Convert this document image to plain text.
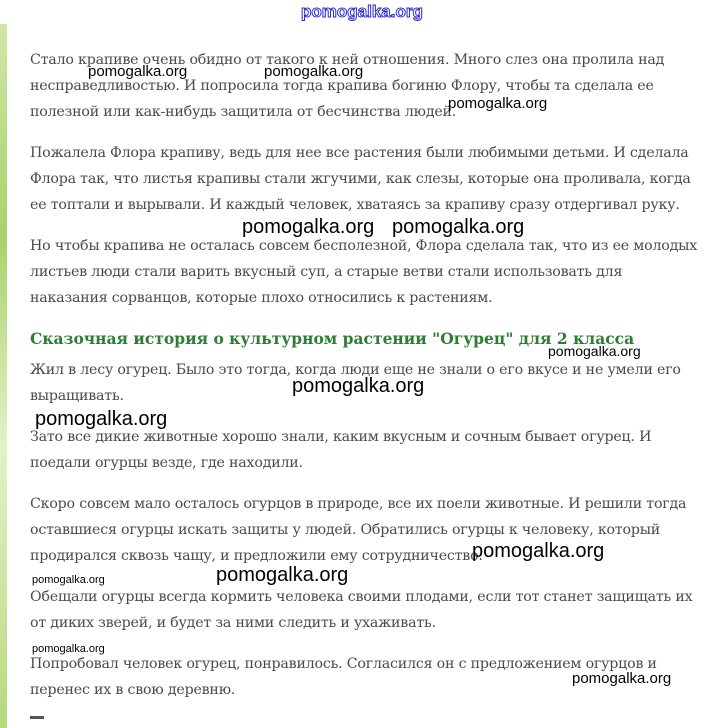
Стало крапиве очень обидно от такого к ней отношения. Много слез она пролила над
несправедливостью. И попросила тогда крапива богиню Флору, чтобы та сделала ее
полезной или как-нибудь защитила от бесчинства людей.
Пожалела Флора крапиву, ведь для нее все растения были любимыми детьми. И сделала
Флора так, что листья крапивы стали жгучими, как слезы, которые она проливала, когда
ее топтали и вырывали. И каждый человек, хватаясь за крапиву сразу отдергивал руку.
Но чтобы крапива не осталась совсем бесполезной, Флора сделала так, что из ее молодых
листьев люди стали варить вкусный суп, а старые ветви стали использовать для
наказания сорванцов, которые плохо относились к растениям.
Сказочная история о культурном растении "Огурец" для 2 класса
Жил в лесу огурец. Было это тогда, когда люди еще не знали о его вкусе и не умели его
выращивать.
Зато все дикие животные хорошо знали, каким вкусным и сочным бывает огурец. И
поедали огурцы везде, где находили.
Скоро совсем мало осталось огурцов в природе, все их поели животные. И решили тогда
оставшиеся огурцы искать защиты у людей. Обратились огурцы к человеку, который
продирался сквозь чащу, и предложили ему сотрудничество.
Обещали огурцы всегда кормить человека своими плодами, если тот станет защищать их
от диких зверей, и будет за ними следить и ухаживать.
Попробовал человек огурец, понравилось. Согласился он с предложением огурцов и
перенес их в свою деревню.
pomogalka.org
pomogalka.org	pomogalka.org
pomogalka.org
pomogalka.org pomogalka.org
pomogalka.org
pomogalka.org
pomogalka.org
pomogalka.org
pomogalka.org
pomogalka.org
pomogalka.org
pomogalka.org
